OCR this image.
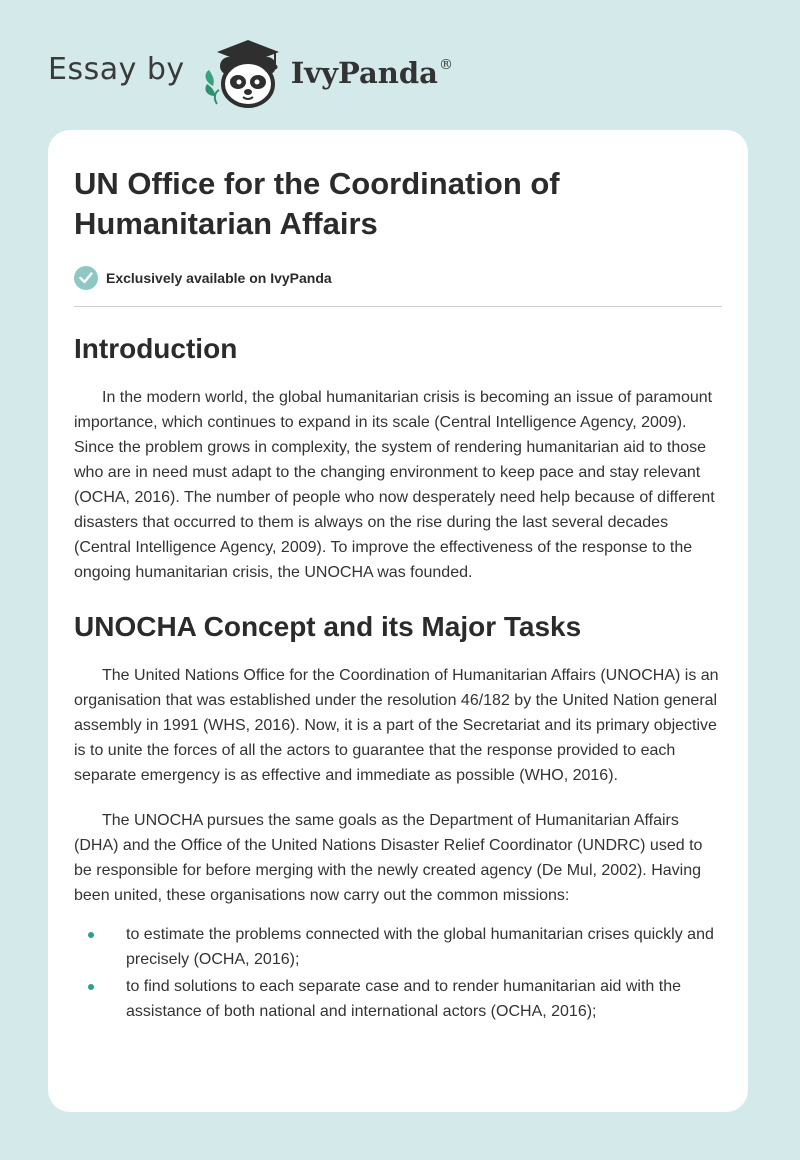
Essay by	IvyPanda®
UN Office for the Coordination of Humanitarian Affairs
Exclusively available on IvyPanda
Introduction

In the modern world, the global humanitarian crisis is becoming an issue of paramount importance, which continues to expand in its scale (Central Intelligence Agency, 2009). Since the problem grows in complexity, the system of rendering humanitarian aid to those who are in need must adapt to the changing environment to keep pace and stay relevant (OCHA, 2016). The number of people who now desperately need help because of different disasters that occurred to them is always on the rise during the last several decades (Central Intelligence Agency, 2009). To improve the effectiveness of the response to the ongoing humanitarian crisis, the UNOCHA was founded.

UNOCHA Concept and its Major Tasks

The United Nations Office for the Coordination of Humanitarian Affairs (UNOCHA) is an organisation that was established under the resolution 46/182 by the United Nation general assembly in 1991 (WHS, 2016). Now, it is a part of the Secretariat and its primary objective is to unite the forces of all the actors to guarantee that the response provided to each separate emergency is as effective and immediate as possible (WHO, 2016).

The UNOCHA pursues the same goals as the Department of Humanitarian Affairs (DHA) and the Office of the United Nations Disaster Relief Coordinator (UNDRC) used to be responsible for before merging with the newly created agency (De Mul, 2002). Having been united, these organisations now carry out the common missions:

to estimate the problems connected with the global humanitarian crises quickly and precisely (OCHA, 2016);
to find solutions to each separate case and to render humanitarian aid with the assistance of both national and international actors (OCHA, 2016);
